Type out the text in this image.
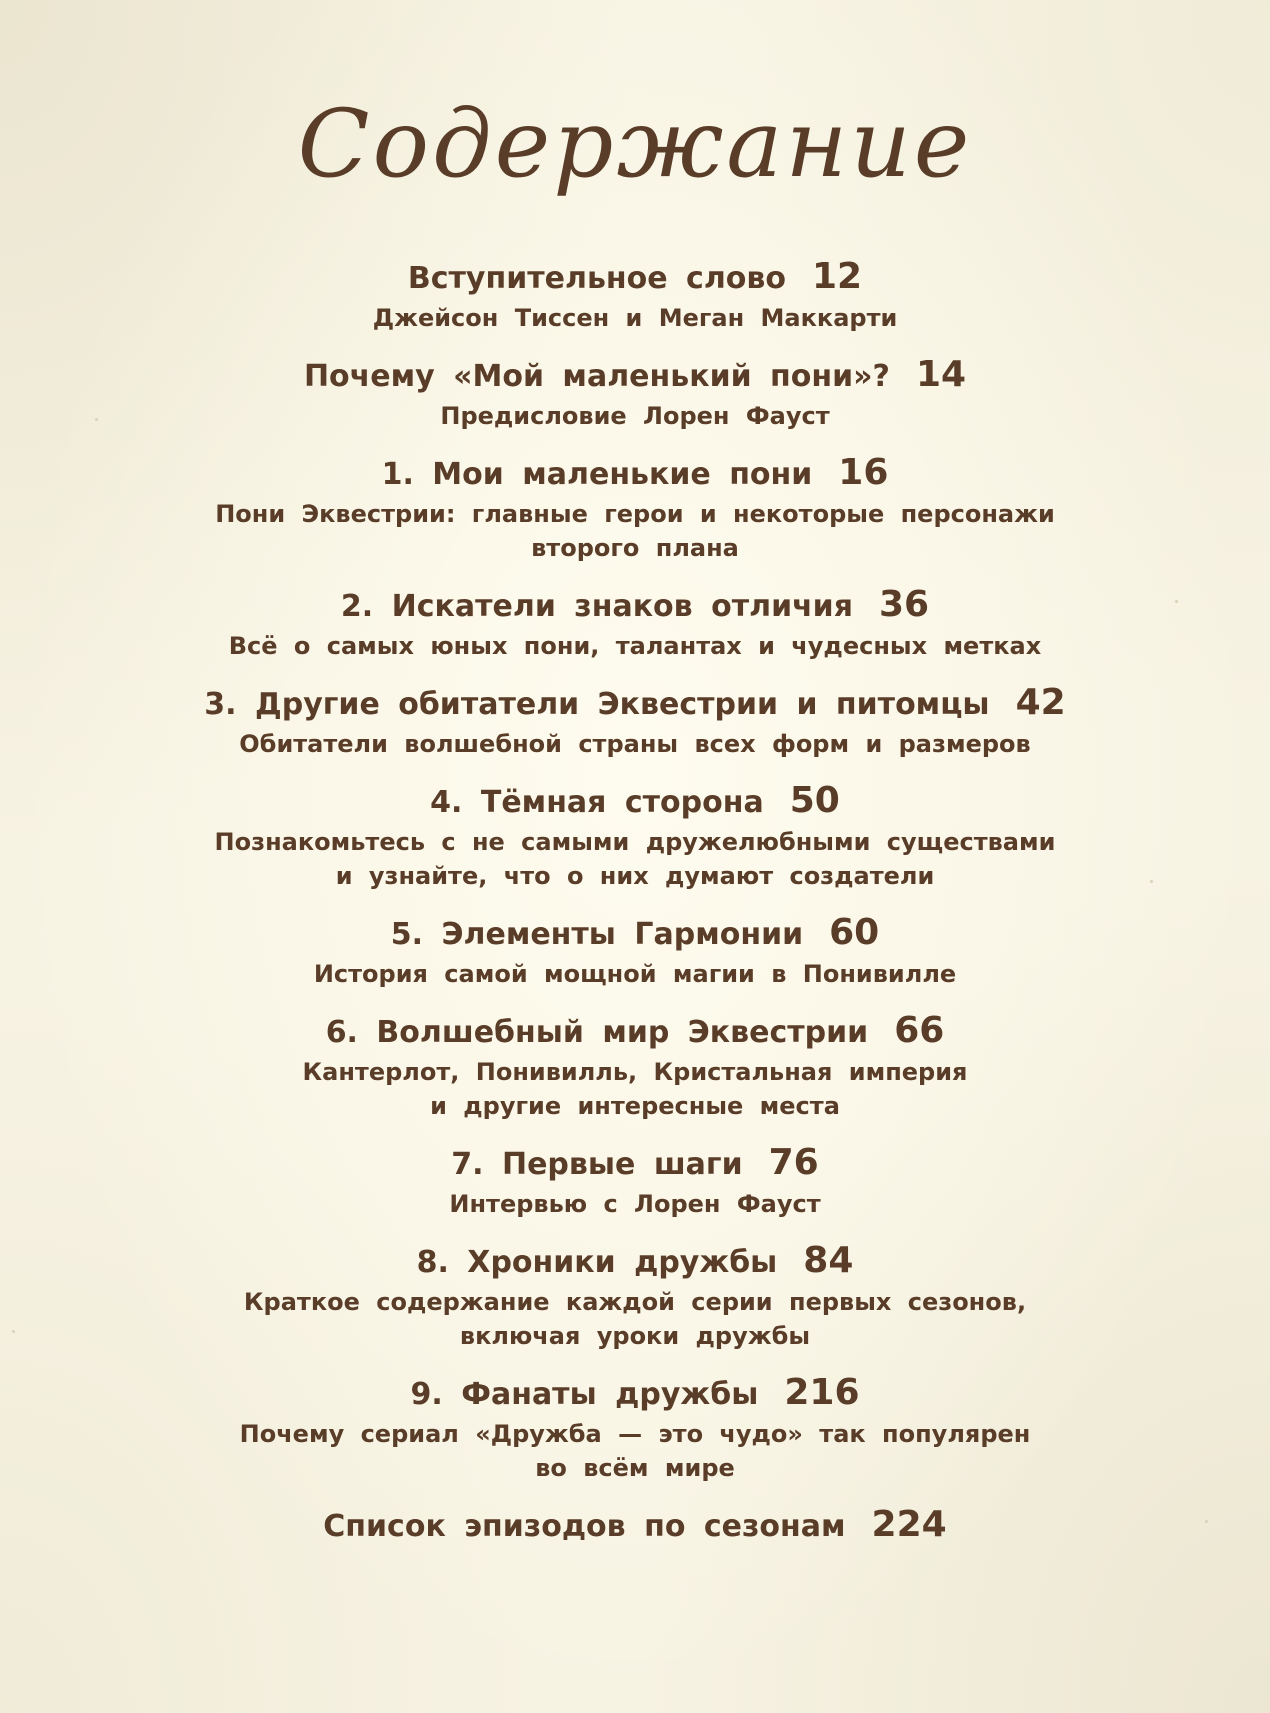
Содержание
Вступительное слово 12
Джейсон Тиссен и Меган Маккарти
Почему «Мой маленький пони»? 14
Предисловие Лорен Фауст
1. Мои маленькие пони 16
Пони Эквестрии: главные герои и некоторые персонажи
второго плана
2. Искатели знаков отличия 36
Всё о самых юных пони, талантах и чудесных метках
3. Другие обитатели Эквестрии и питомцы 42
Обитатели волшебной страны всех форм и размеров
4. Тёмная сторона 50
Познакомьтесь с не самыми дружелюбными существами
и узнайте, что о них думают создатели
5. Элементы Гармонии 60
История самой мощной магии в Понивилле
6. Волшебный мир Эквестрии 66
Кантерлот, Понивилль, Кристальная империя
и другие интересные места
7. Первые шаги 76
Интервью с Лорен Фауст
8. Хроники дружбы 84
Краткое содержание каждой серии первых сезонов,
включая уроки дружбы
9. Фанаты дружбы 216
Почему сериал «Дружба — это чудо» так популярен
во всём мире
Список эпизодов по сезонам 224
